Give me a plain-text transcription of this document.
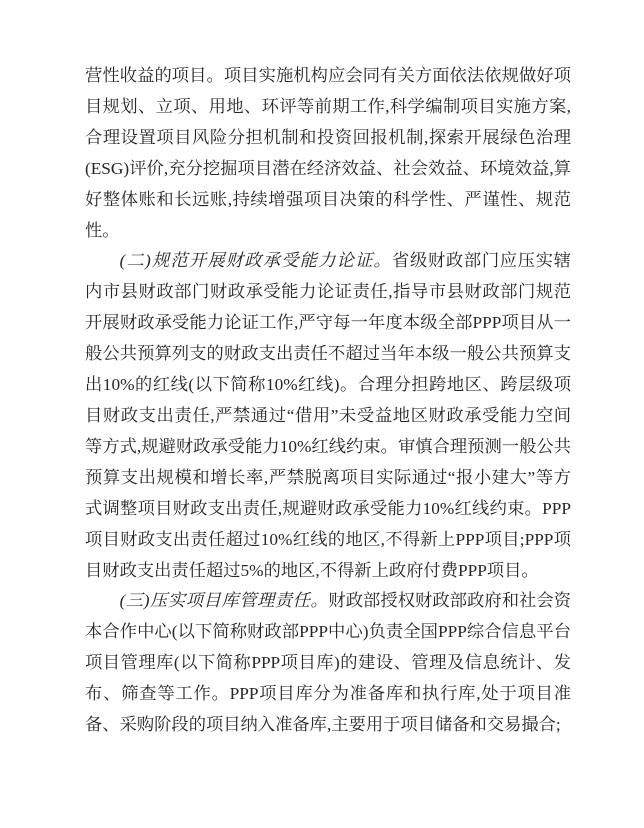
营性收益的项目。项目实施机构应会同有关方面依法依规做好项目规划、立项、用地、环评等前期工作,科学编制项目实施方案,合理设置项目风险分担机制和投资回报机制,探索开展绿色治理(ESG)评价,充分挖掘项目潜在经济效益、社会效益、环境效益,算好整体账和长远账,持续增强项目决策的科学性、严谨性、规范性。

(二)规范开展财政承受能力论证。省级财政部门应压实辖内市县财政部门财政承受能力论证责任,指导市县财政部门规范开展财政承受能力论证工作,严守每一年度本级全部PPP项目从一般公共预算列支的财政支出责任不超过当年本级一般公共预算支出10%的红线(以下简称10%红线)。合理分担跨地区、跨层级项目财政支出责任,严禁通过“借用”未受益地区财政承受能力空间等方式,规避财政承受能力10%红线约束。审慎合理预测一般公共预算支出规模和增长率,严禁脱离项目实际通过“报小建大”等方式调整项目财政支出责任,规避财政承受能力10%红线约束。PPP项目财政支出责任超过10%红线的地区,不得新上PPP项目;PPP项目财政支出责任超过5%的地区,不得新上政府付费PPP项目。

(三)压实项目库管理责任。财政部授权财政部政府和社会资本合作中心(以下简称财政部PPP中心)负责全国PPP综合信息平台项目管理库(以下简称PPP项目库)的建设、管理及信息统计、发布、筛查等工作。PPP项目库分为准备库和执行库,处于项目准备、采购阶段的项目纳入准备库,主要用于项目储备和交易撮合;
